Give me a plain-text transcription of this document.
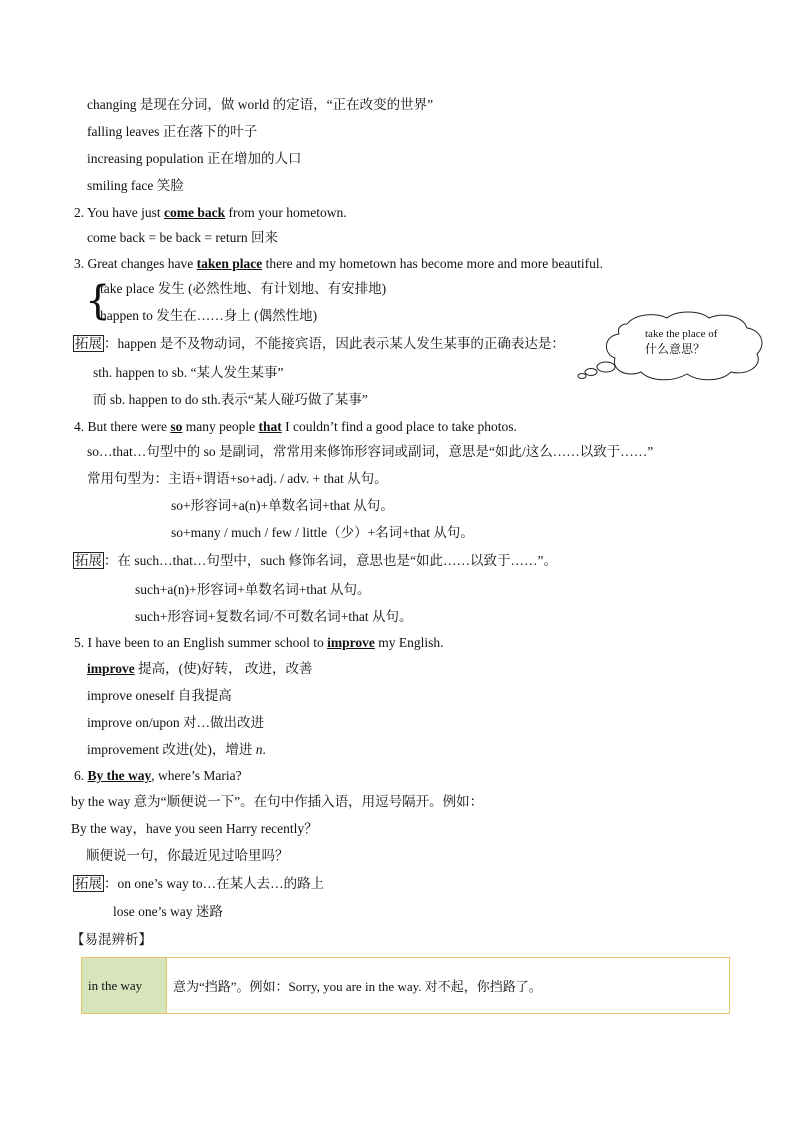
changing 是现在分词，做 world 的定语，“正在改变的世界”
falling leaves 正在落下的叶子
increasing population 正在增加的人口
smiling face 笑脸
2. You have just come back from your hometown.
come back = be back = return 回来
3. Great changes have taken place there and my hometown has become more and more beautiful.
{
take place 发生 (必然性地、有计划地、有安排地)
happen to 发生在……身上 (偶然性地)
拓展 ：happen 是不及物动词，不能接宾语，因此表示某人发生某事的正确表达是：
sth. happen to sb. “某人发生某事”
而 sb. happen to do sth.表示“某人碰巧做了某事”
take the place of
什么意思？
4. But there were so many people that I couldn’t find a good place to take photos.
so…that…句型中的 so 是副词，常常用来修饰形容词或副词，意思是“如此/这么……以致于……”
常用句型为：主语+谓语+so+adj. / adv. + that 从句。
so+形容词+a(n)+单数名词+that 从句。
so+many / much / few / little（少）+名词+that 从句。
拓展 ：在 such…that…句型中，such 修饰名词，意思也是“如此……以致于……”。
such+a(n)+形容词+单数名词+that 从句。
such+形容词+复数名词/不可数名词+that 从句。
5. I have been to an English summer school to improve my English.
improve 提高，(使)好转， 改进，改善
improve oneself 自我提高
improve on/upon 对…做出改进
improvement 改进(处)，增进 n.
6. By the way, where’s Maria?
by the way 意为“顺便说一下”。在句中作插入语，用逗号隔开。例如：
By the way，have you seen Harry recently？
顺便说一句，你最近见过哈里吗？
拓展 ：on one’s way to…在某人去…的路上
lose one’s way 迷路
【易混辨析】
in the way	意为“挡路”。例如：Sorry, you are in the way. 对不起，你挡路了。
